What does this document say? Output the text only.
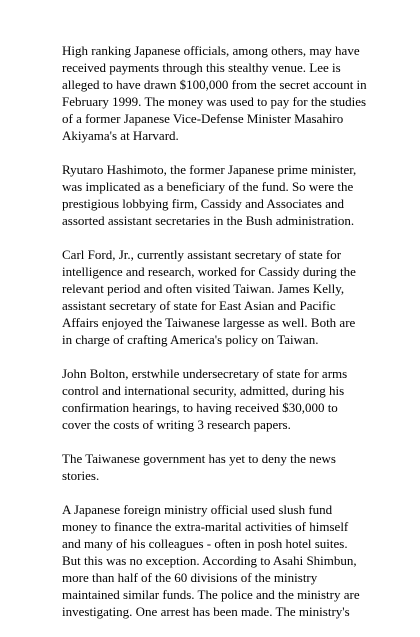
High ranking Japanese officials, among others, may have
received payments through this stealthy venue. Lee is
alleged to have drawn $100,000 from the secret account in
February 1999. The money was used to pay for the studies
of a former Japanese Vice-Defense Minister Masahiro
Akiyama's at Harvard.

Ryutaro Hashimoto, the former Japanese prime minister,
was implicated as a beneficiary of the fund. So were the
prestigious lobbying firm, Cassidy and Associates and
assorted assistant secretaries in the Bush administration.

Carl Ford, Jr., currently assistant secretary of state for
intelligence and research, worked for Cassidy during the
relevant period and often visited Taiwan. James Kelly,
assistant secretary of state for East Asian and Pacific
Affairs enjoyed the Taiwanese largesse as well. Both are
in charge of crafting America's policy on Taiwan.

John Bolton, erstwhile undersecretary of state for arms
control and international security, admitted, during his
confirmation hearings, to having received $30,000 to
cover the costs of writing 3 research papers.

The Taiwanese government has yet to deny the news
stories.

A Japanese foreign ministry official used slush fund
money to finance the extra-marital activities of himself
and many of his colleagues - often in posh hotel suites.
But this was no exception. According to Asahi Shimbun,
more than half of the 60 divisions of the ministry
maintained similar funds. The police and the ministry are
investigating. One arrest has been made. The ministry's
